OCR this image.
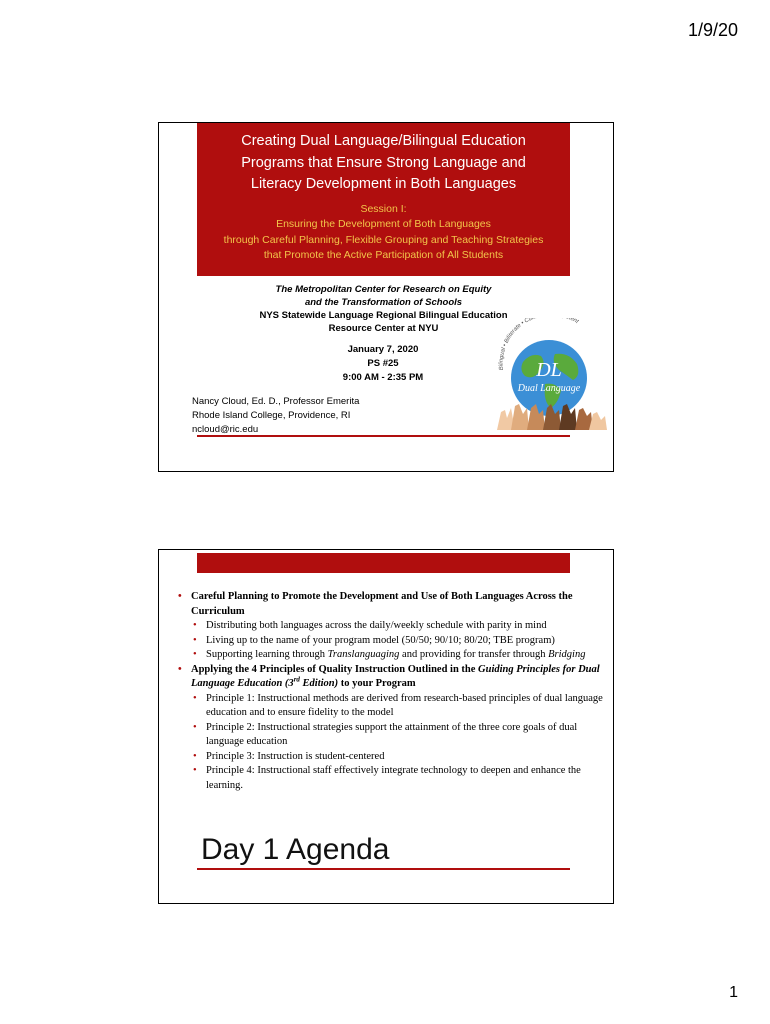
1/9/20
Creating Dual Language/Bilingual Education
Programs that Ensure Strong Language and
Literacy Development in Both Languages
Session I:
Ensuring the Development of Both Languages
through Careful Planning, Flexible Grouping and Teaching Strategies
that Promote the Active Participation of All Students
The Metropolitan Center for Research on Equity
and the Transformation of Schools
NYS Statewide Language Regional Bilingual Education
Resource Center at NYU
January 7, 2020
PS #25
9:00 AM - 2:35 PM
Nancy Cloud, Ed. D., Professor Emerita
Rhode Island College, Providence, RI
ncloud@ric.edu
Bilingual • Biliterate • Cul tent
DL
Dual Language
• Careful Planning to Promote the Development and Use of Both Languages Across the Curriculum
• Distributing both languages across the daily/weekly schedule with parity in mind
• Living up to the name of your program model (50/50; 90/10; 80/20; TBE program)
• Supporting learning through Translanguaging and providing for transfer through Bridging
• Applying the 4 Principles of Quality Instruction Outlined in the Guiding Principles for Dual Language Education (3rd Edition) to your Program
• Principle 1: Instructional methods are derived from research-based principles of dual language education and to ensure fidelity to the model
• Principle 2: Instructional strategies support the attainment of the three core goals of dual language education
• Principle 3: Instruction is student-centered
• Principle 4: Instructional staff effectively integrate technology to deepen and enhance the learning.
Day 1 Agenda
1
